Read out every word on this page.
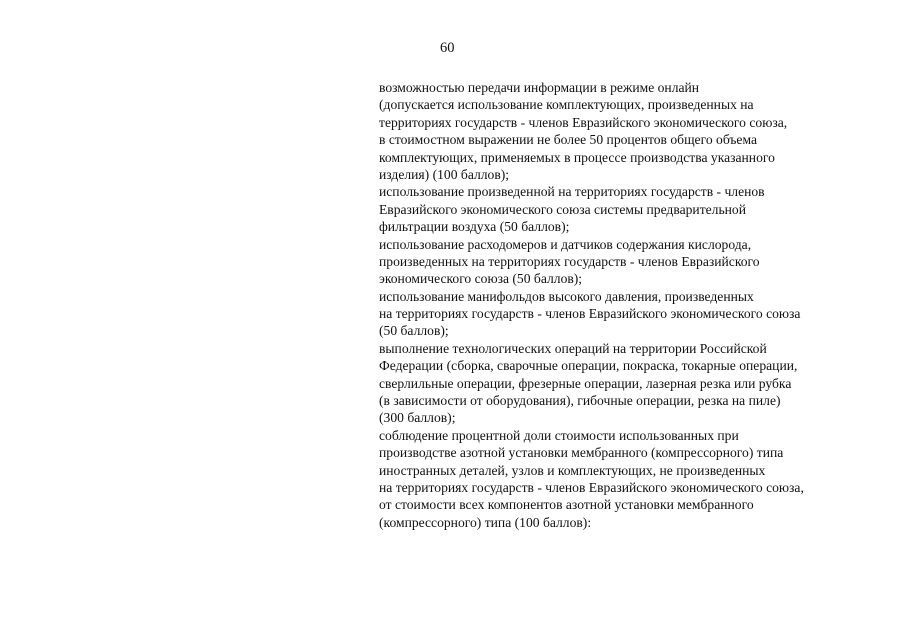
60
возможностью передачи информации в режиме онлайн
(допускается использование комплектующих, произведенных на
территориях государств - членов Евразийского экономического союза,
в стоимостном выражении не более 50 процентов общего объема
комплектующих, применяемых в процессе производства указанного
изделия) (100 баллов);
использование произведенной на территориях государств - членов
Евразийского экономического союза системы предварительной
фильтрации воздуха (50 баллов);
использование расходомеров и датчиков содержания кислорода,
произведенных на территориях государств - членов Евразийского
экономического союза (50 баллов);
использование манифольдов высокого давления, произведенных
на территориях государств - членов Евразийского экономического союза
(50 баллов);
выполнение технологических операций на территории Российской
Федерации (сборка, сварочные операции, покраска, токарные операции,
сверлильные операции, фрезерные операции, лазерная резка или рубка
(в зависимости от оборудования), гибочные операции, резка на пиле)
(300 баллов);
соблюдение процентной доли стоимости использованных при
производстве азотной установки мембранного (компрессорного) типа
иностранных деталей, узлов и комплектующих, не произведенных
на территориях государств - членов Евразийского экономического союза,
от стоимости всех компонентов азотной установки мембранного
(компрессорного) типа (100 баллов):
